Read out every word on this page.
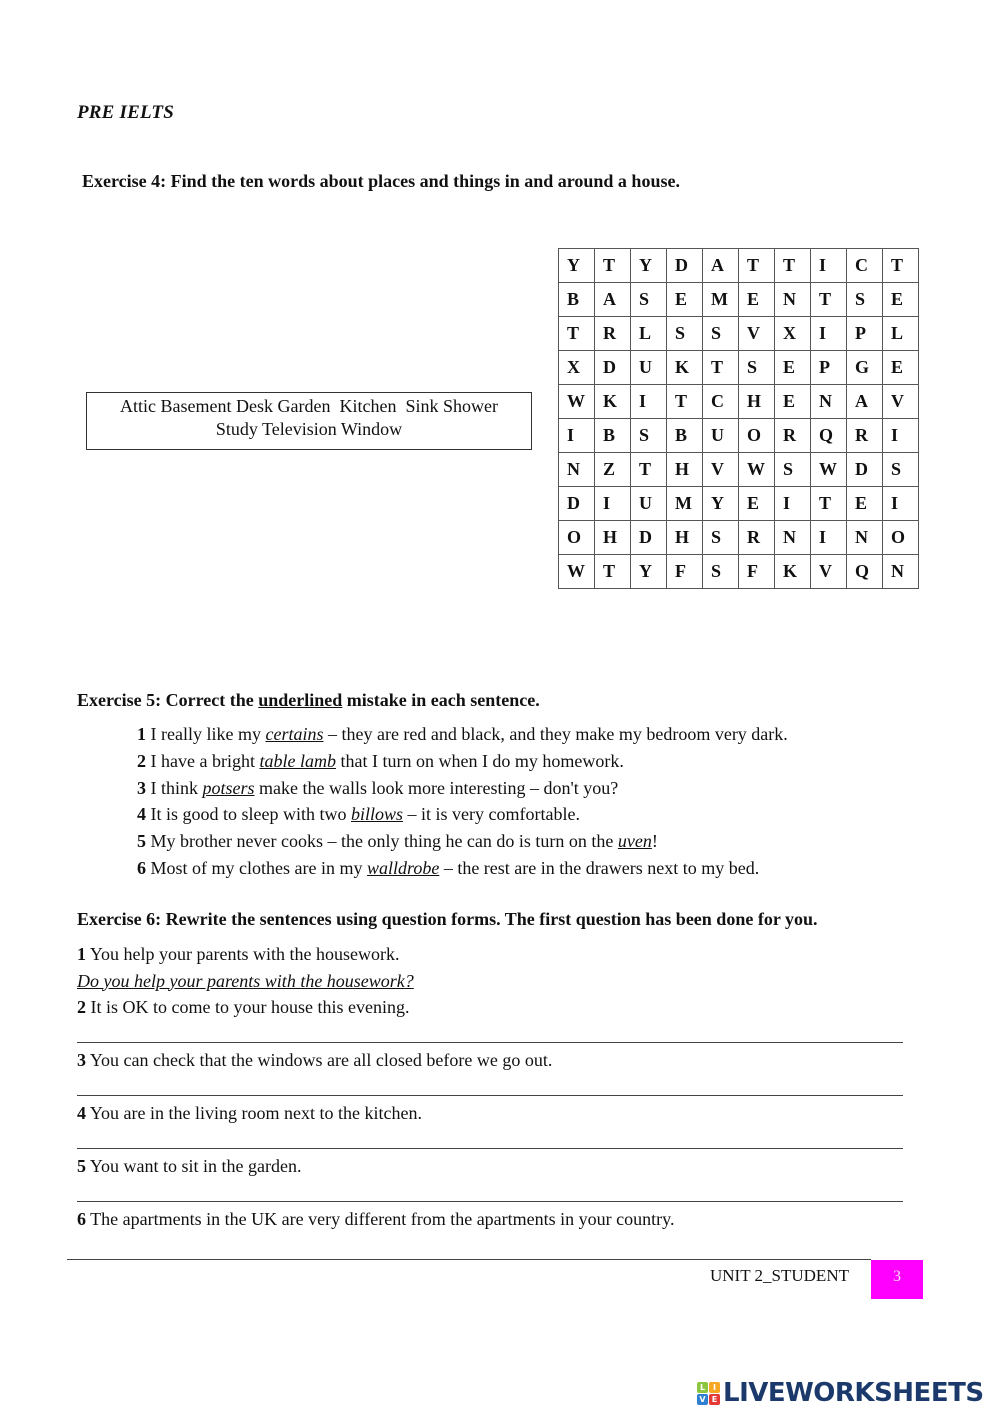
PRE IELTS
Exercise 4: Find the ten words about places and things in and around a house.
Attic Basement Desk Garden  Kitchen  Sink Shower
Study Television Window
Y	T	Y	D	A	T	T	I	C	T
B	A	S	E	M	E	N	T	S	E
T	R	L	S	S	V	X	I	P	L
X	D	U	K	T	S	E	P	G	E
W	K	I	T	C	H	E	N	A	V
I	B	S	B	U	O	R	Q	R	I
N	Z	T	H	V	W	S	W	D	S
D	I	U	M	Y	E	I	T	E	I
O	H	D	H	S	R	N	I	N	O
W	T	Y	F	S	F	K	V	Q	N
Exercise 5: Correct the underlined mistake in each sentence.
1 I really like my certains – they are red and black, and they make my bedroom very dark.
2 I have a bright table lamb that I turn on when I do my homework.
3 I think potsers make the walls look more interesting – don't you?
4 It is good to sleep with two billows – it is very comfortable.
5 My brother never cooks – the only thing he can do is turn on the uven!
6 Most of my clothes are in my walldrobe – the rest are in the drawers next to my bed.
Exercise 6: Rewrite the sentences using question forms. The first question has been done for you.
1 You help your parents with the housework.
Do you help your parents with the housework?
2 It is OK to come to your house this evening.
3 You can check that the windows are all closed before we go out.
4 You are in the living room next to the kitchen.
5 You want to sit in the garden.
6 The apartments in the UK are very different from the apartments in your country.
UNIT 2_STUDENT	3
L I
V E LIVEWORKSHEETS
